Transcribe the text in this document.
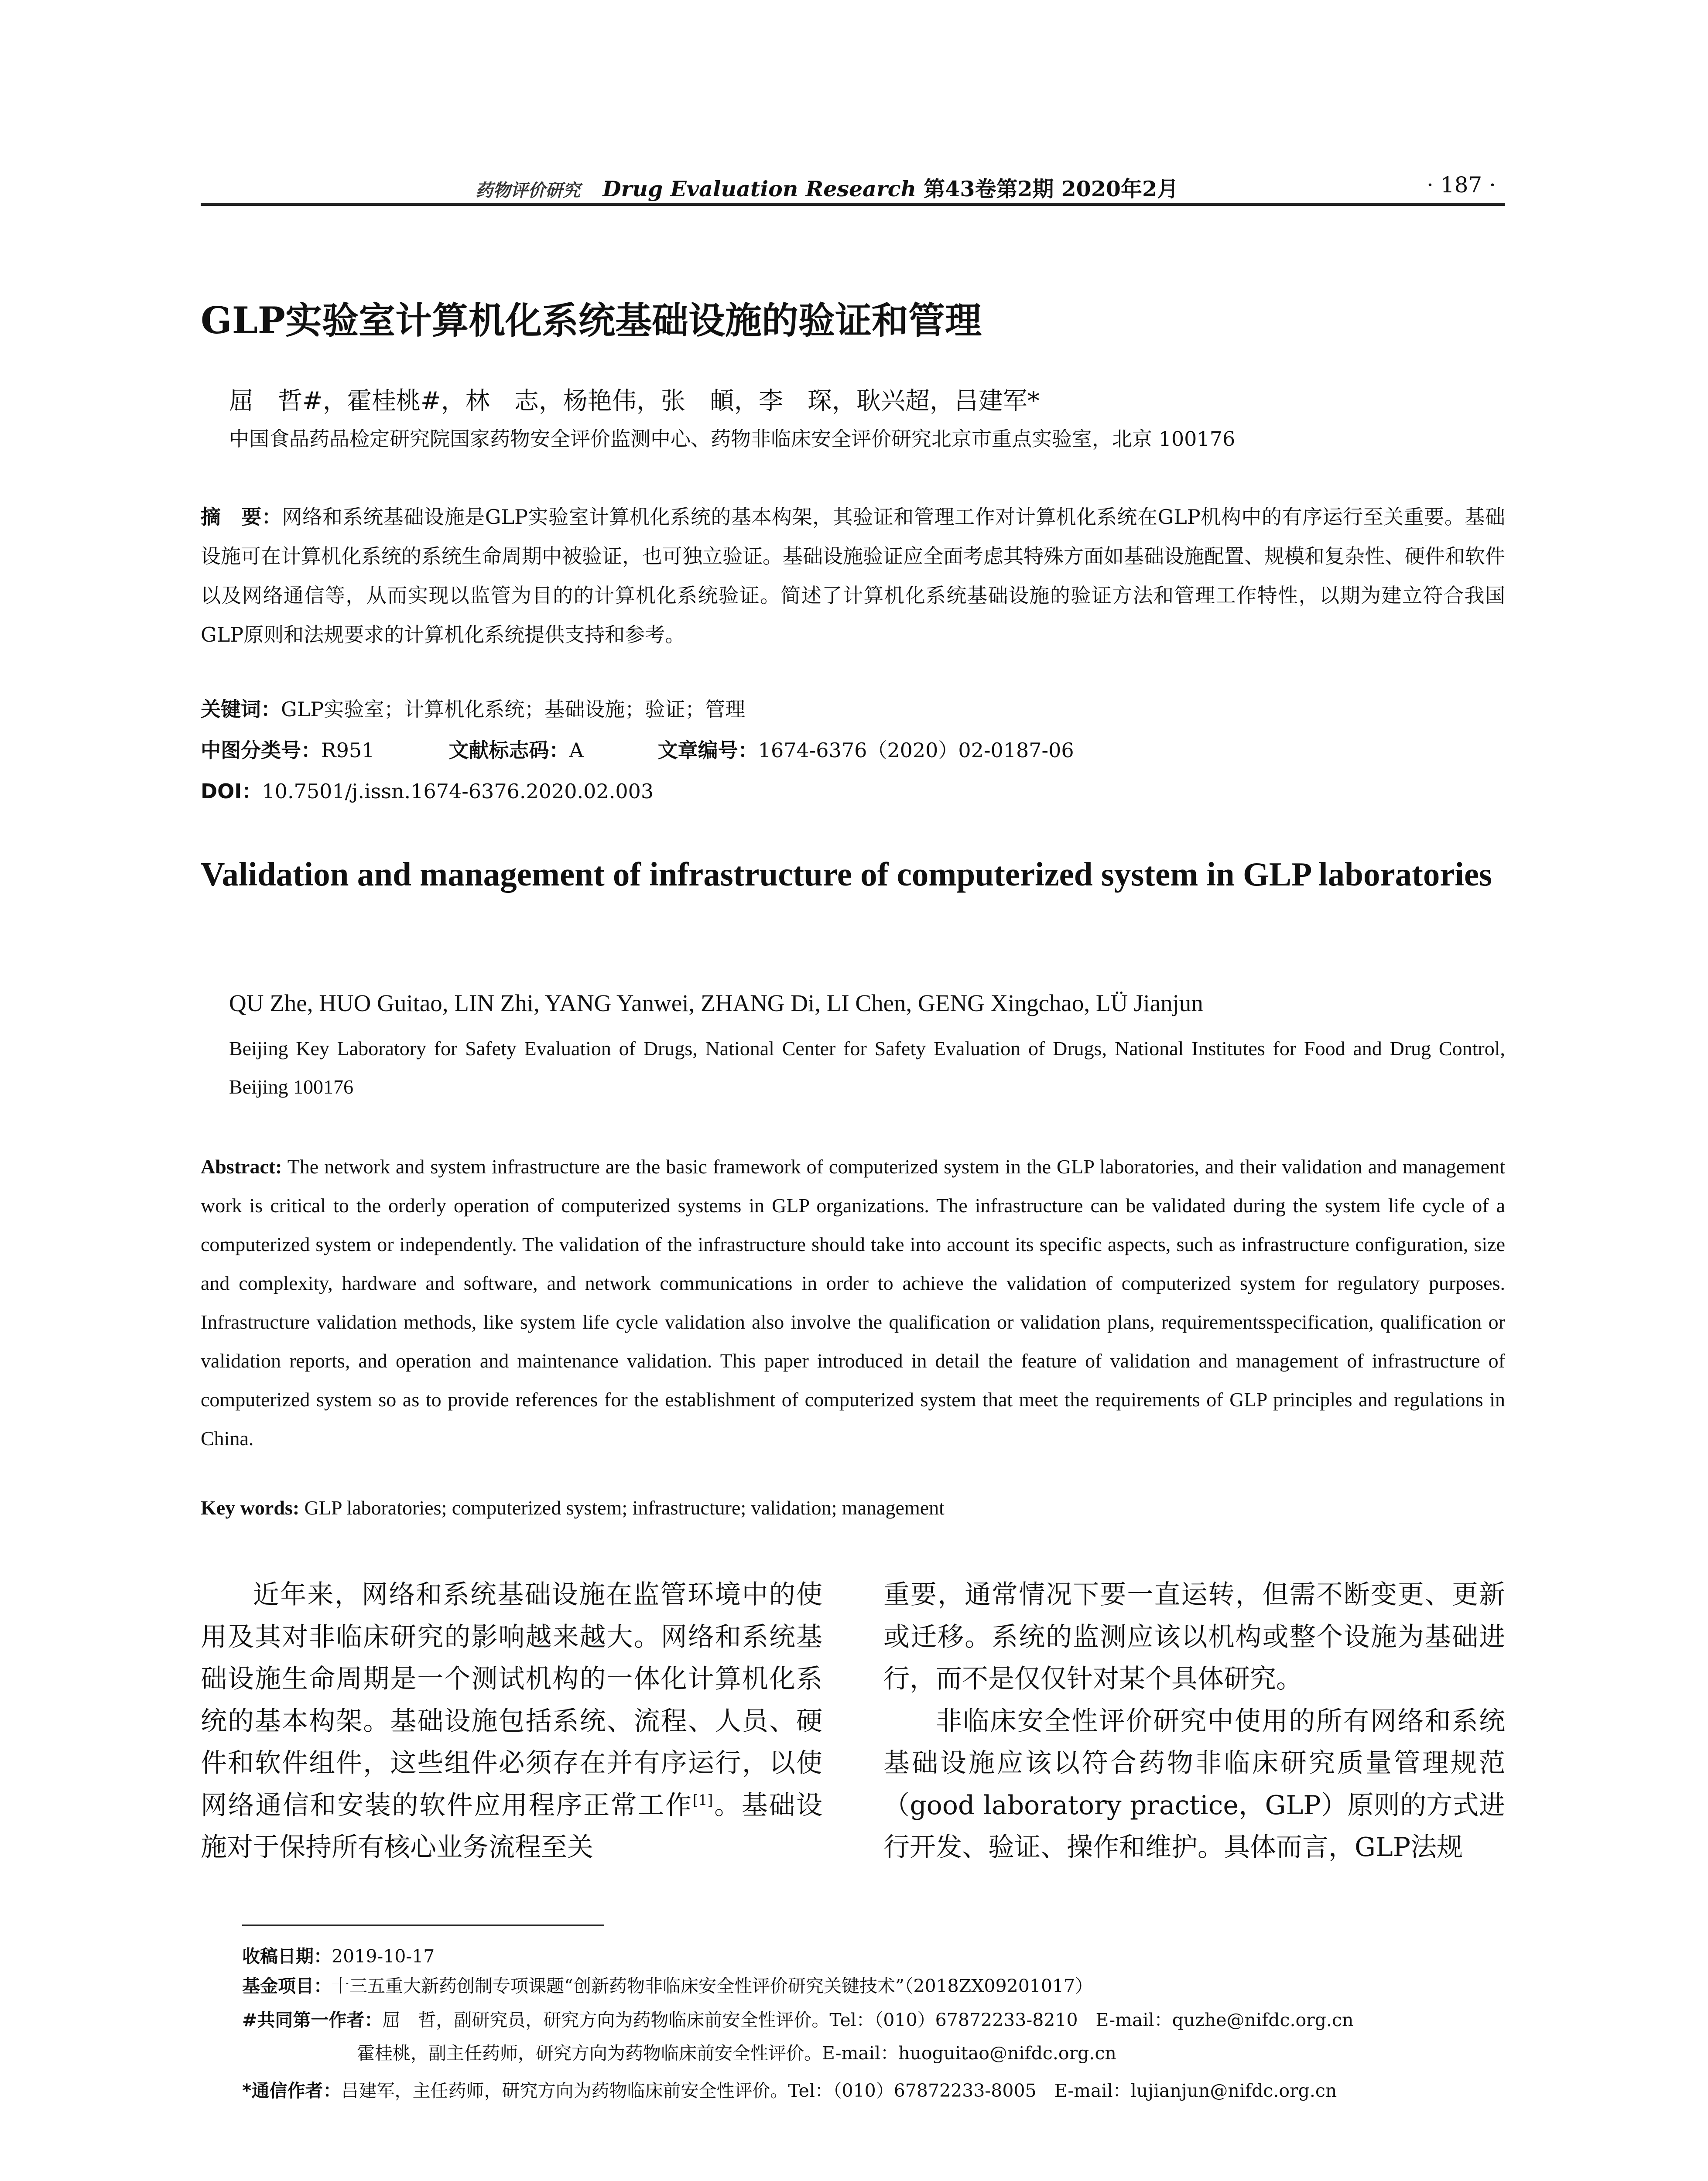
药物评价研究 Drug Evaluation Research 第43卷第2期 2020年2月	· 187 ·
GLP实验室计算机化系统基础设施的验证和管理
屈　哲#，霍桂桃#，林　志，杨艳伟，张　頔，李　琛，耿兴超，吕建军*
中国食品药品检定研究院国家药物安全评价监测中心、药物非临床安全评价研究北京市重点实验室，北京 100176
摘　要：网络和系统基础设施是GLP实验室计算机化系统的基本构架，其验证和管理工作对计算机化系统在GLP机构中的有序运行至关重要。基础设施可在计算机化系统的系统生命周期中被验证，也可独立验证。基础设施验证应全面考虑其特殊方面如基础设施配置、规模和复杂性、硬件和软件以及网络通信等，从而实现以监管为目的的计算机化系统验证。简述了计算机化系统基础设施的验证方法和管理工作特性，以期为建立符合我国GLP原则和法规要求的计算机化系统提供支持和参考。
关键词：GLP实验室；计算机化系统；基础设施；验证；管理
中图分类号：R951	文献标志码：A	文章编号：1674-6376（2020）02-0187-06
DOI：10.7501/j.issn.1674-6376.2020.02.003
Validation and management of infrastructure of computerized system in GLP laboratories
QU Zhe, HUO Guitao, LIN Zhi, YANG Yanwei, ZHANG Di, LI Chen, GENG Xingchao, LÜ Jianjun
Beijing Key Laboratory for Safety Evaluation of Drugs, National Center for Safety Evaluation of Drugs, National Institutes for Food and Drug Control, Beijing 100176
Abstract: The network and system infrastructure are the basic framework of computerized system in the GLP laboratories, and their validation and management work is critical to the orderly operation of computerized systems in GLP organizations. The infrastructure can be validated during the system life cycle of a computerized system or independently. The validation of the infrastructure should take into account its specific aspects, such as infrastructure configuration, size and complexity, hardware and software, and network communications in order to achieve the validation of computerized system for regulatory purposes. Infrastructure validation methods, like system life cycle validation also involve the qualification or validation plans, requirementsspecification, qualification or validation reports, and operation and maintenance validation. This paper introduced in detail the feature of validation and management of infrastructure of computerized system so as to provide references for the establishment of computerized system that meet the requirements of GLP principles and regulations in China.
Key words: GLP laboratories; computerized system; infrastructure; validation; management

近年来，网络和系统基础设施在监管环境中的使用及其对非临床研究的影响越来越大。网络和系统基础设施生命周期是一个测试机构的一体化计算机化系统的基本构架。基础设施包括系统、流程、人员、硬件和软件组件，这些组件必须存在并有序运行，以使网络通信和安装的软件应用程序正常工作[1]。基础设施对于保持所有核心业务流程至关

重要，通常情况下要一直运转，但需不断变更、更新或迁移。系统的监测应该以机构或整个设施为基础进行，而不是仅仅针对某个具体研究。

非临床安全性评价研究中使用的所有网络和系统基础设施应该以符合药物非临床研究质量管理规范（good laboratory practice，GLP）原则的方式进行开发、验证、操作和维护。具体而言，GLP法规

收稿日期：2019-10-17
基金项目：十三五重大新药创制专项课题“创新药物非临床安全性评价研究关键技术”（2018ZX09201017）
#共同第一作者：屈　哲，副研究员，研究方向为药物临床前安全性评价。Tel：（010）67872233-8210　E-mail：quzhe@nifdc.org.cn
霍桂桃，副主任药师，研究方向为药物临床前安全性评价。E-mail：huoguitao@nifdc.org.cn
*通信作者：吕建军，主任药师，研究方向为药物临床前安全性评价。Tel：（010）67872233-8005　E-mail：lujianjun@nifdc.org.cn
